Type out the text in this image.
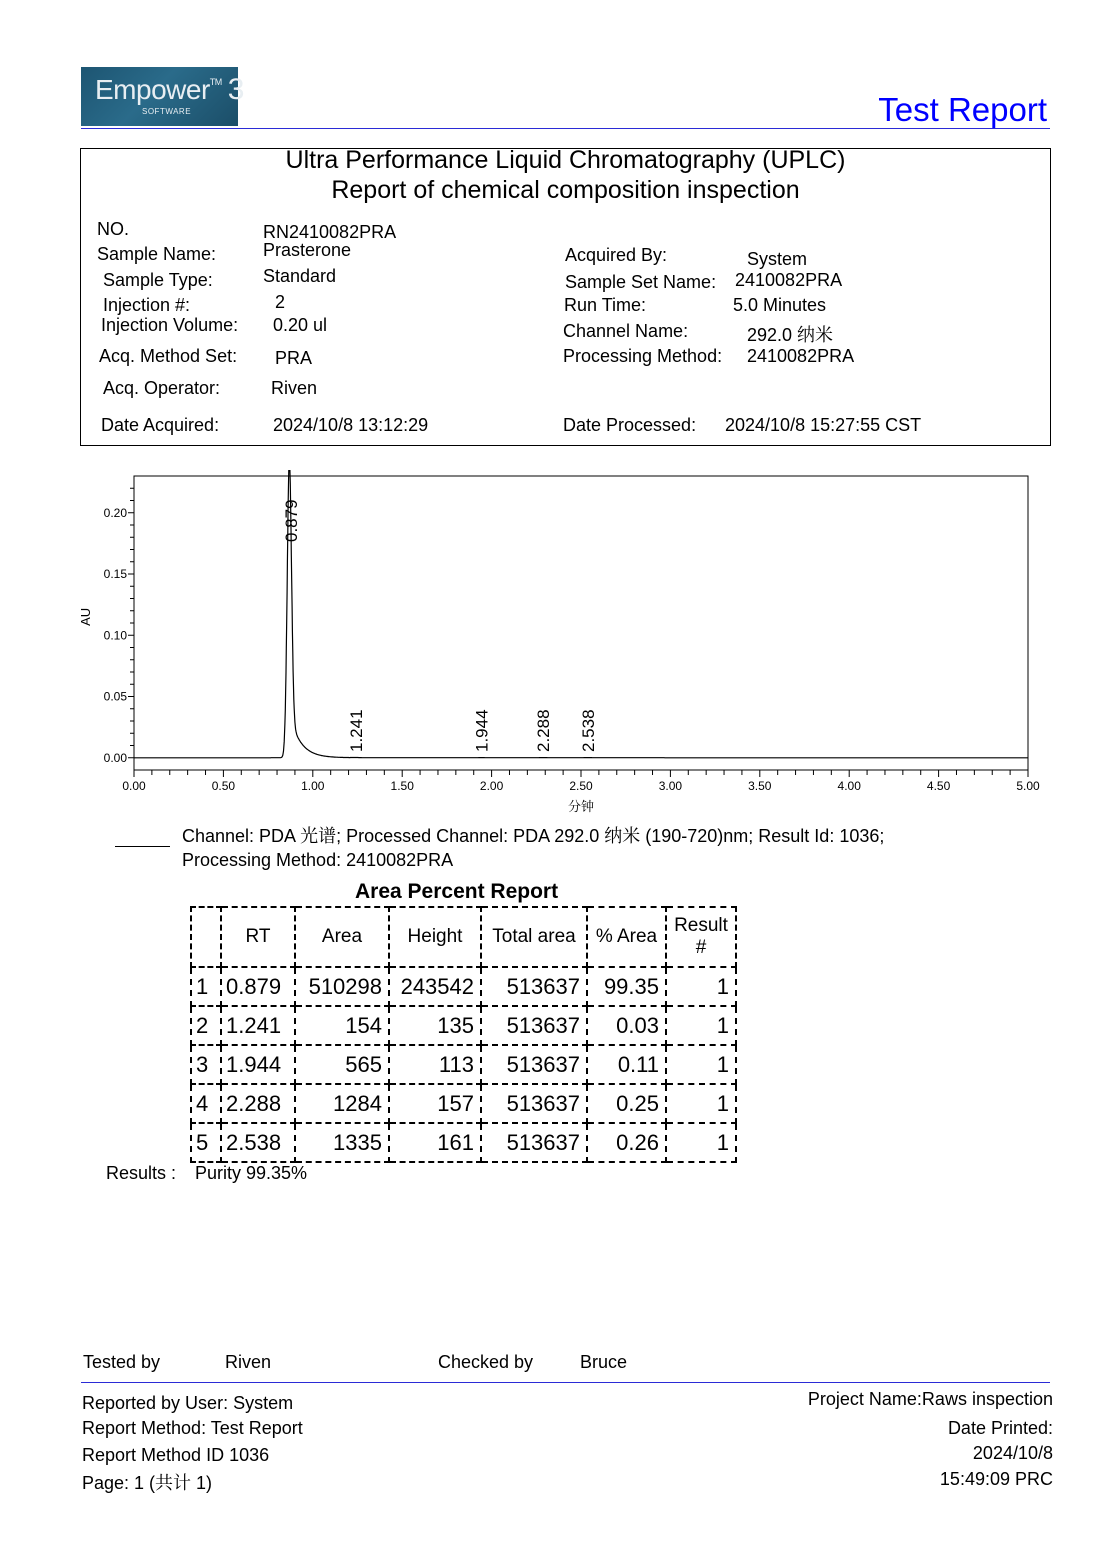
Empower™ 3
SOFTWARE	Test Report
Ultra Performance Liquid Chromatography (UPLC)
Report of chemical composition inspection
NO.	RN2410082PRA
Sample Name:	Prasterone
Sample Type:	Standard
Injection #:	2
Injection Volume: 0.20 ul
Acq. Method Set: PRA
Acq. Operator:	Riven
Date Acquired:	2024/10/8 13:12:29
Acquired By:	System
Sample Set Name: 2410082PRA
Run Time:	5.0 Minutes
Channel Name:	292.0 纳米
Processing Method: 2410082PRA
Date Processed: 2024/10/8 15:27:55 CST
0.00
0.05
0.10
0.15
0.20
0.00	0.50	1.00	1.50	2.00	2.50	3.00	3.50	4.00	4.50	5.00
分钟
AU
0.879
1.241	1.944	2.288 2.538
Channel: PDA 光谱; Processed Channel: PDA 292.0 纳米 (190-720)nm; Result Id: 1036;
Processing Method: 2410082PRA
Area Percent Report
	RT	Area	Height	Total area	% Area	Result #
1	0.879	510298	243542	513637	99.35	1
2	1.241	154	135	513637	0.03	1
3	1.944	565	113	513637	0.11	1
4	2.288	1284	157	513637	0.25	1
5	2.538	1335	161	513637	0.26	1
Results : Purity 99.35%
Tested by	Riven	Checked by	Bruce
Reported by User: System
Report Method: Test Report
Report Method ID 1036
Page: 1 (共计 1)
Project Name:Raws inspection
Date Printed:
2024/10/8
15:49:09 PRC
